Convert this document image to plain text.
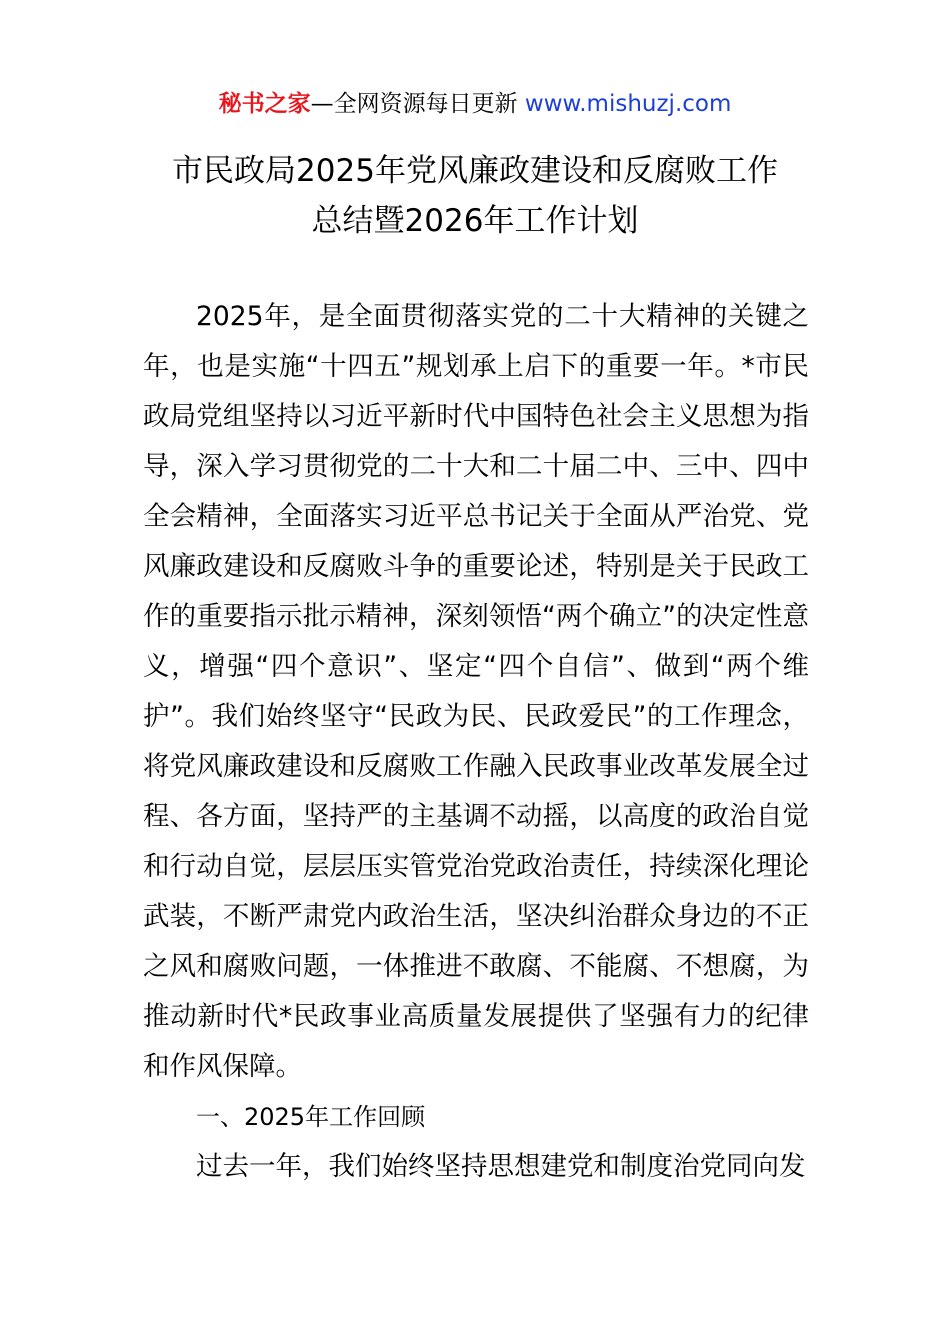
秘书之家—全网资源每日更新 www.mishuzj.com
市民政局2025年党风廉政建设和反腐败工作
总结暨2026年工作计划

2025年，是全面贯彻落实党的二十大精神的关键之年，也是实施“十四五”规划承上启下的重要一年。*市民政局党组坚持以习近平新时代中国特色社会主义思想为指导，深入学习贯彻党的二十大和二十届二中、三中、四中全会精神，全面落实习近平总书记关于全面从严治党、党风廉政建设和反腐败斗争的重要论述，特别是关于民政工作的重要指示批示精神，深刻领悟“两个确立”的决定性意义，增强“四个意识”、坚定“四个自信”、做到“两个维护”。我们始终坚守“民政为民、民政爱民”的工作理念，将党风廉政建设和反腐败工作融入民政事业改革发展全过程、各方面，坚持严的主基调不动摇，以高度的政治自觉和行动自觉，层层压实管党治党政治责任，持续深化理论武装，不断严肃党内政治生活，坚决纠治群众身边的不正之风和腐败问题，一体推进不敢腐、不能腐、不想腐，为推动新时代*民政事业高质量发展提供了坚强有力的纪律和作风保障。

一、2025年工作回顾

过去一年，我们始终坚持思想建党和制度治党同向发
